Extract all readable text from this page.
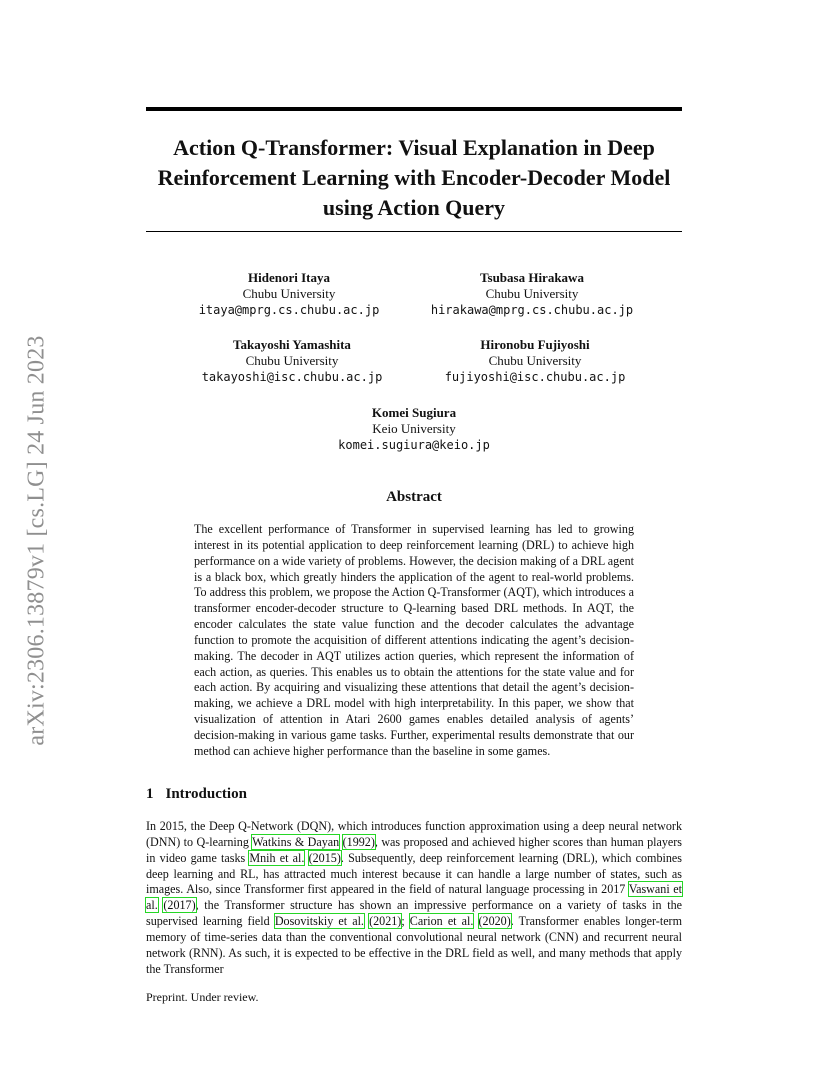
arXiv:2306.13879v1 [cs.LG] 24 Jun 2023
Action Q-Transformer: Visual Explanation in Deep Reinforcement Learning with Encoder-Decoder Model using Action Query
Hidenori Itaya
Chubu University
itaya@mprg.cs.chubu.ac.jp
Tsubasa Hirakawa
Chubu University
hirakawa@mprg.cs.chubu.ac.jp
Takayoshi Yamashita
Chubu University
takayoshi@isc.chubu.ac.jp
Hironobu Fujiyoshi
Chubu University
fujiyoshi@isc.chubu.ac.jp
Komei Sugiura
Keio University
komei.sugiura@keio.jp
Abstract

The excellent performance of Transformer in supervised learning has led to growing interest in its potential application to deep reinforcement learning (DRL) to achieve high performance on a wide variety of problems. However, the decision making of a DRL agent is a black box, which greatly hinders the application of the agent to real-world problems. To address this problem, we propose the Action Q-Transformer (AQT), which introduces a transformer encoder-decoder structure to Q-learning based DRL methods. In AQT, the encoder calculates the state value function and the decoder calculates the advantage function to promote the acquisition of different attentions indicating the agent’s decision-making. The decoder in AQT utilizes action queries, which represent the information of each action, as queries. This enables us to obtain the attentions for the state value and for each action. By acquiring and visualizing these attentions that detail the agent’s decision-making, we achieve a DRL model with high interpretability. In this paper, we show that visualization of attention in Atari 2600 games enables detailed analysis of agents’ decision-making in various game tasks. Further, experimental results demonstrate that our method can achieve higher performance than the baseline in some games.

1 Introduction

In 2015, the Deep Q-Network (DQN), which introduces function approximation using a deep neural network (DNN) to Q-learning Watkins & Dayan (1992), was proposed and achieved higher scores than human players in video game tasks Mnih et al. (2015). Subsequently, deep reinforcement learning (DRL), which combines deep learning and RL, has attracted much interest because it can handle a large number of states, such as images. Also, since Transformer first appeared in the field of natural language processing in 2017 Vaswani et al. (2017), the Transformer structure has shown an impressive performance on a variety of tasks in the supervised learning field Dosovitskiy et al. (2021); Carion et al. (2020). Transformer enables longer-term memory of time-series data than the conventional convolutional neural network (CNN) and recurrent neural network (RNN). As such, it is expected to be effective in the DRL field as well, and many methods that apply the Transformer

Preprint. Under review.
